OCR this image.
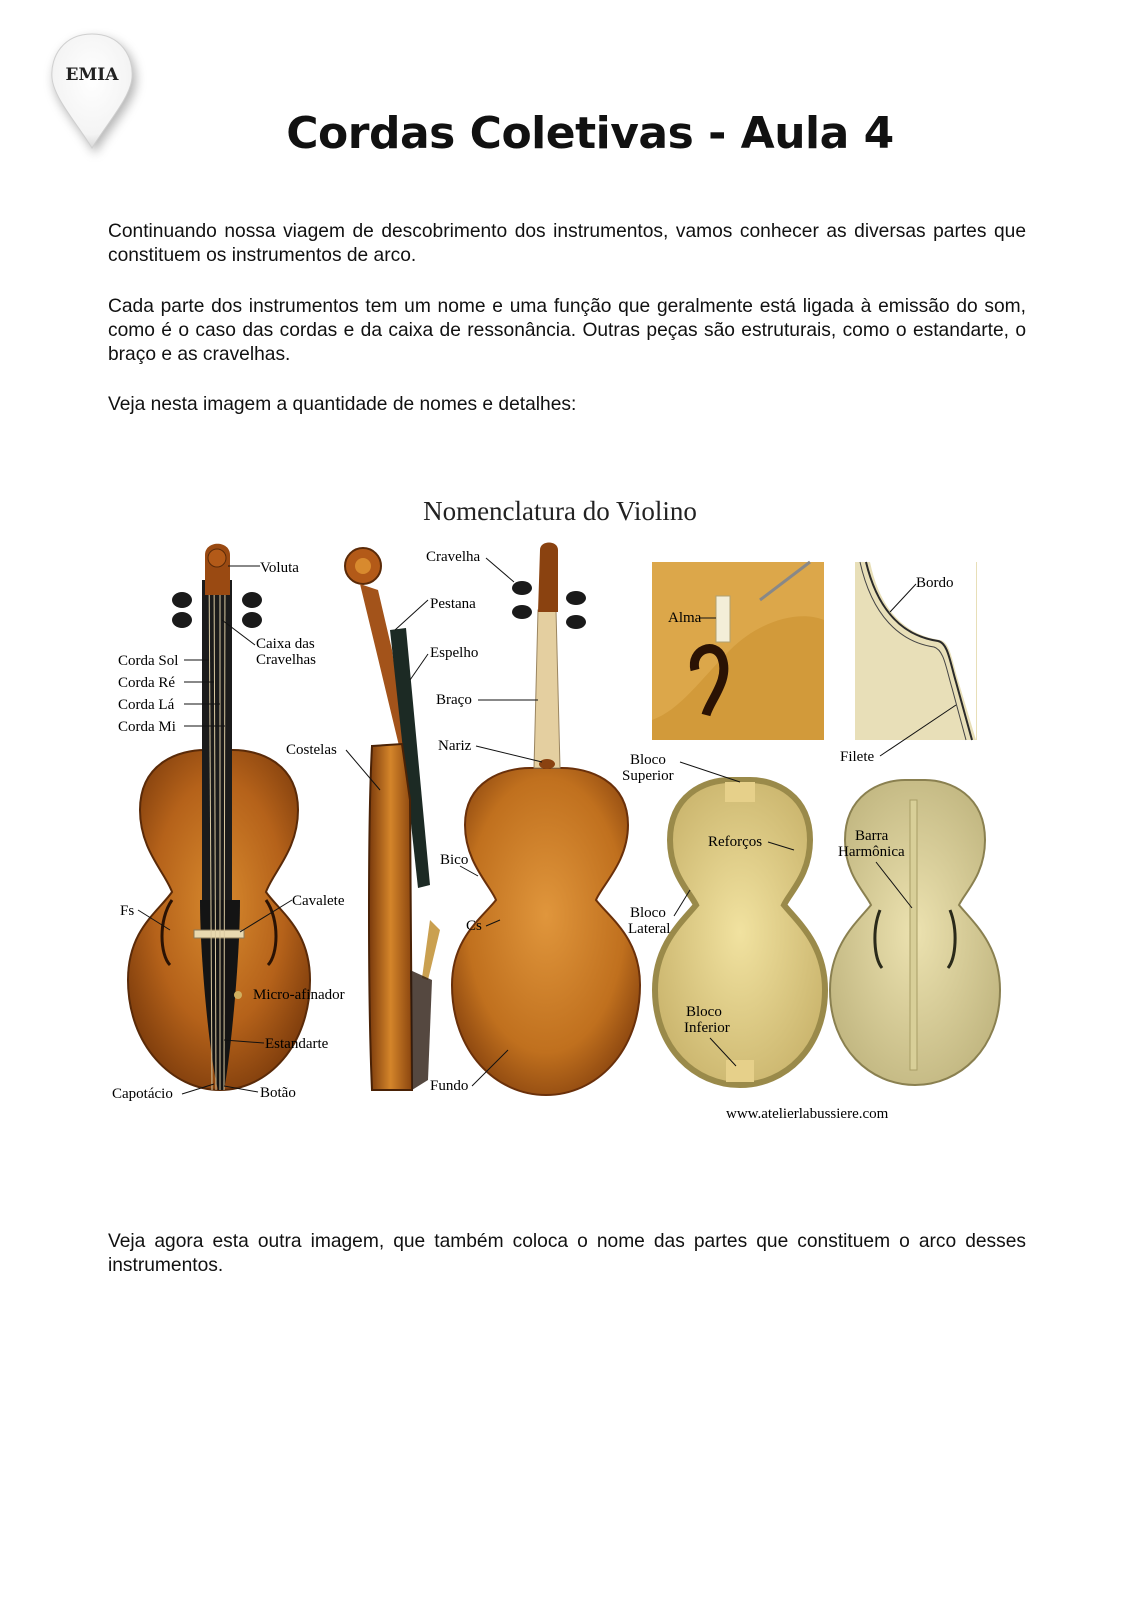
EMIA
Cordas Coletivas - Aula 4

Continuando nossa viagem de descobrimento dos instrumentos, vamos conhecer as diversas partes que constituem os instrumentos de arco.

Cada parte dos instrumentos tem um nome e uma função que geralmente está ligada à emissão do som, como é o caso das cordas e da caixa de ressonância. Outras peças são estruturais, como o estandarte, o braço e as cravelhas.

Veja nesta imagem a quantidade de nomes e detalhes:

Nomenclatura do Violino
Voluta
Caixa das
Cravelhas
Corda Sol
Corda Ré
Corda Lá
Corda Mi
Fs
Cavalete
Micro-afinador
Estandarte
Capotácio	Botão
Pestana
Espelho
Costelas
Cravelha
Braço
Nariz
Bico
Cs
Fundo
Alma
Bordo
Filete
Bloco
Superior
Reforços
Bloco
Lateral
Bloco
Inferior
Barra
Harmônica
www.atelierlabussiere.com

Veja agora esta outra imagem, que também coloca o nome das partes que constituem o arco desses instrumentos.
